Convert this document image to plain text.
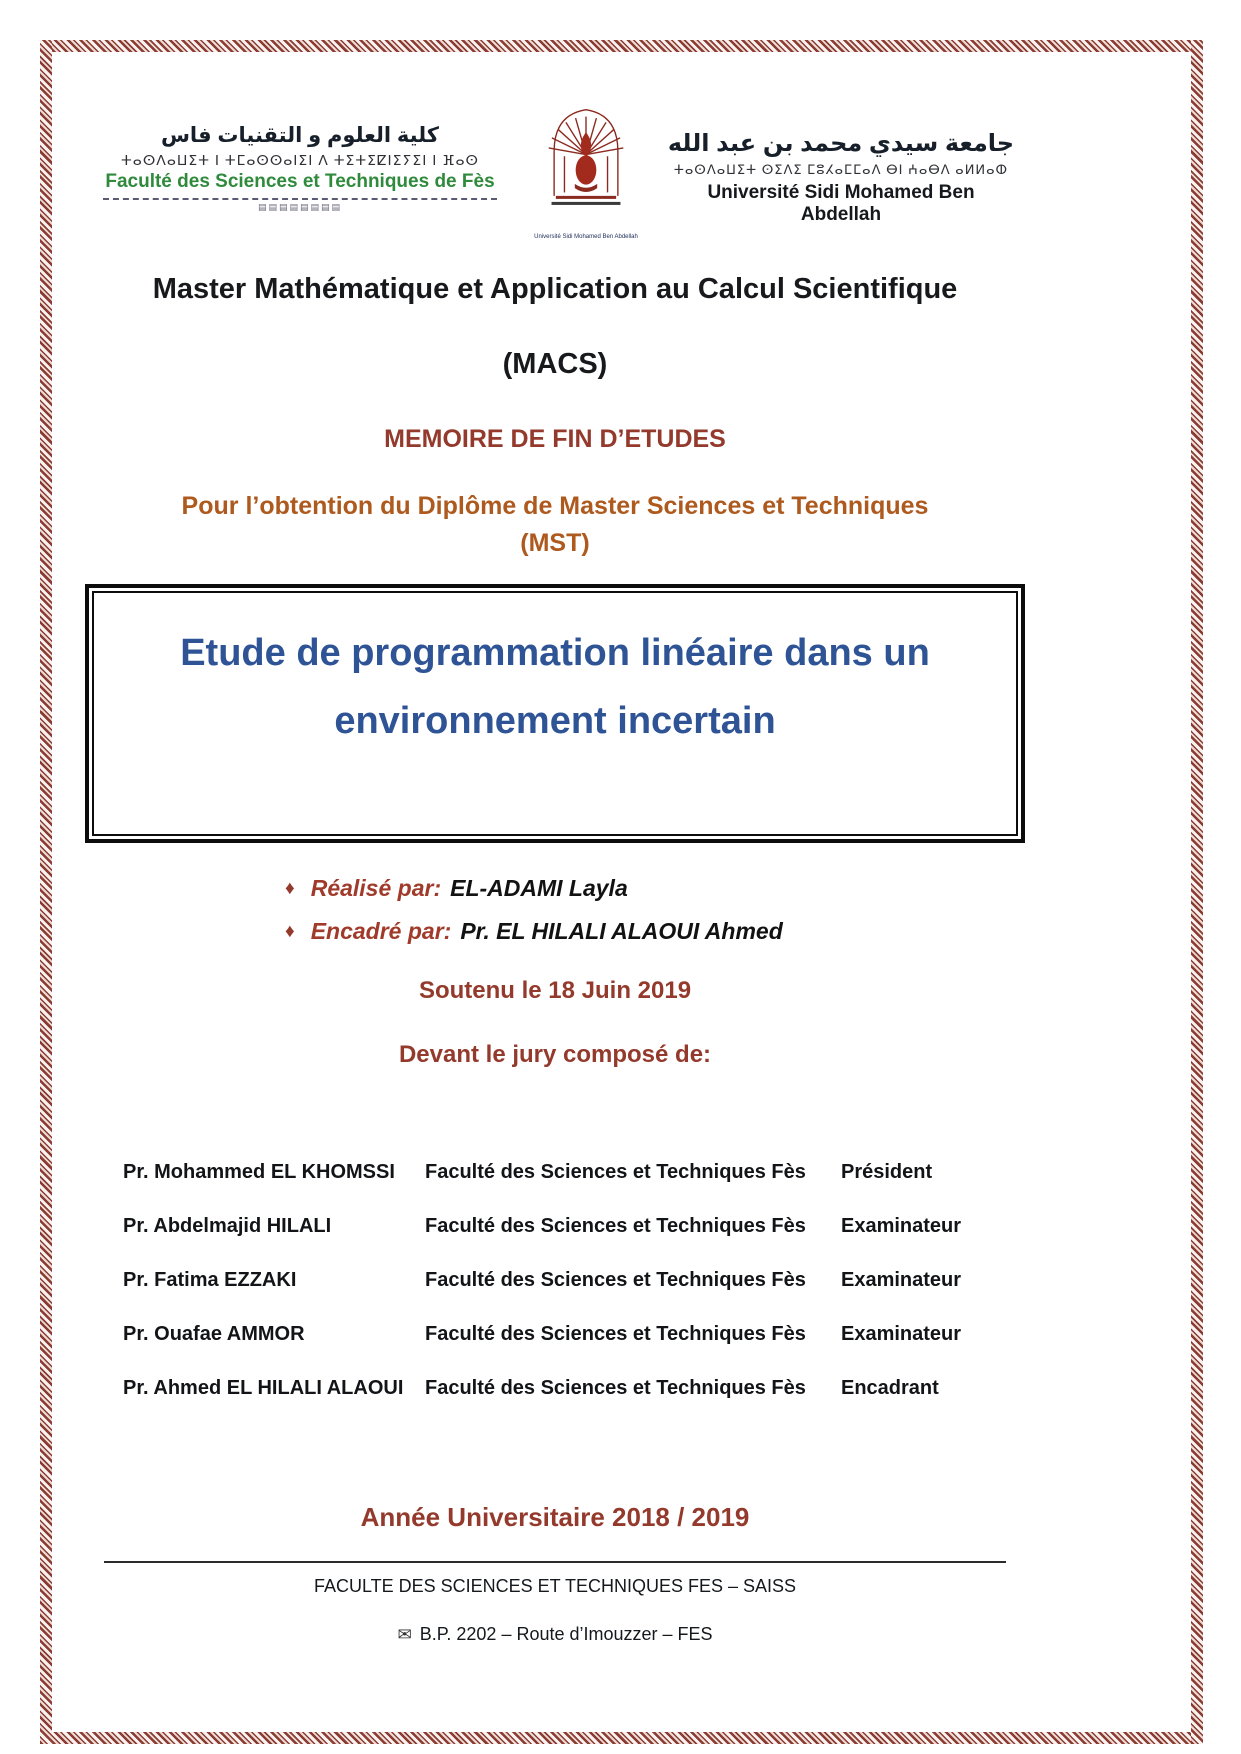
كلية العلوم و التقنيات فاس
ⵜⴰⵙⴷⴰⵡⵉⵜ ⵏ ⵜⵎⴰⵙⵙⴰⵏⵉⵏ ⴷ ⵜⵉⵜⵉⵇⵏⵉⵢⵉⵏ ⵏ ⴼⴰⵙ
Faculté des Sciences et Techniques de Fès
▤▤▤▤▤▤▤▤
Université Sidi Mohamed Ben Abdellah
جامعة سيدي محمد بن عبد الله
ⵜⴰⵙⴷⴰⵡⵉⵜ ⵙⵉⴷⵉ ⵎⵓⵃⴰⵎⵎⴰⴷ ⴱⵏ ⵄⴰⴱⴷ ⴰⵍⵍⴰⵀ
Université Sidi Mohamed Ben Abdellah
Master Mathématique et Application au Calcul Scientifique
(MACS)
MEMOIRE DE FIN D’ETUDES
Pour l’obtention du Diplôme de Master Sciences et Techniques
(MST)
Etude de programmation linéaire dans un environnement incertain
♦ Réalisé par: EL-ADAMI Layla
♦ Encadré par: Pr. EL HILALI ALAOUI Ahmed
Soutenu le 18 Juin 2019
Devant le jury composé de:
Pr. Mohammed EL KHOMSSI	Faculté des Sciences et Techniques Fès	Président
Pr. Abdelmajid HILALI	Faculté des Sciences et Techniques Fès	Examinateur
Pr. Fatima EZZAKI	Faculté des Sciences et Techniques Fès	Examinateur
Pr. Ouafae AMMOR	Faculté des Sciences et Techniques Fès	Examinateur
Pr. Ahmed EL HILALI ALAOUI	Faculté des Sciences et Techniques Fès	Encadrant
Année Universitaire 2018 / 2019
FACULTE DES SCIENCES ET TECHNIQUES FES – SAISS
✉ B.P. 2202 – Route d’Imouzzer – FES
